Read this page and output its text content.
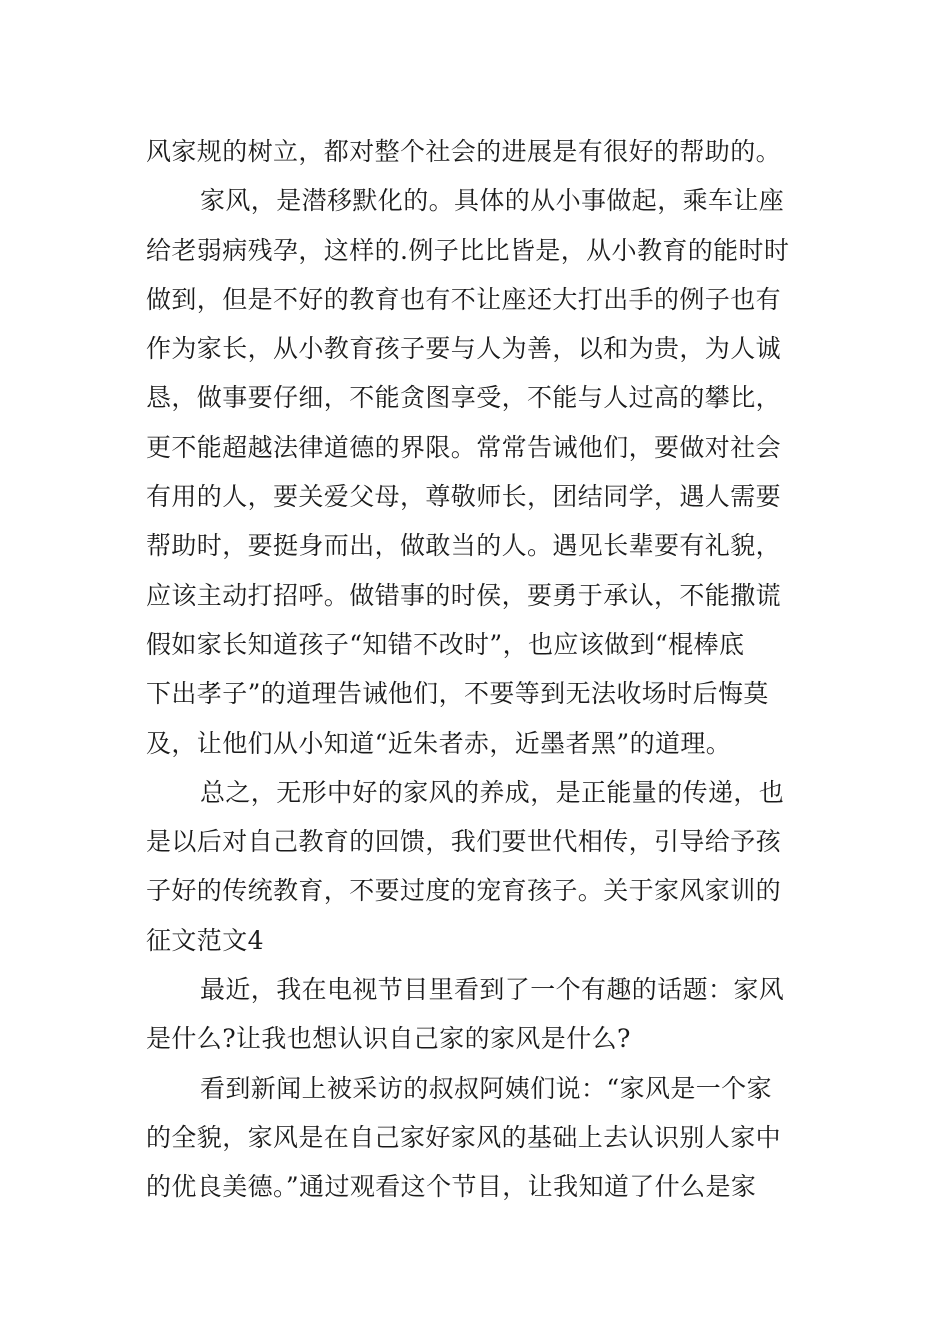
风家规的树立，都对整个社会的进展是有很好的帮助的。
家风，是潜移默化的。具体的从小事做起，乘车让座
给老弱病残孕，这样的.例子比比皆是，从小教育的能时时
做到，但是不好的教育也有不让座还大打出手的例子也有
作为家长，从小教育孩子要与人为善，以和为贵，为人诚
恳，做事要仔细，不能贪图享受，不能与人过高的攀比，
更不能超越法律道德的界限。常常告诫他们，要做对社会
有用的人，要关爱父母，尊敬师长，团结同学，遇人需要
帮助时，要挺身而出，做敢当的人。遇见长辈要有礼貌，
应该主动打招呼。做错事的时侯，要勇于承认，不能撒谎
假如家长知道孩子“知错不改时”，也应该做到“棍棒底
下出孝子”的道理告诫他们，不要等到无法收场时后悔莫
及，让他们从小知道“近朱者赤，近墨者黑”的道理。
总之，无形中好的家风的养成，是正能量的传递，也
是以后对自己教育的回馈，我们要世代相传，引导给予孩
子好的传统教育，不要过度的宠育孩子。关于家风家训的
征文范文4
最近，我在电视节目里看到了一个有趣的话题：家风
是什么?让我也想认识自己家的家风是什么?
看到新闻上被采访的叔叔阿姨们说：“家风是一个家
的全貌，家风是在自己家好家风的基础上去认识别人家中
的优良美德。”通过观看这个节目，让我知道了什么是家
